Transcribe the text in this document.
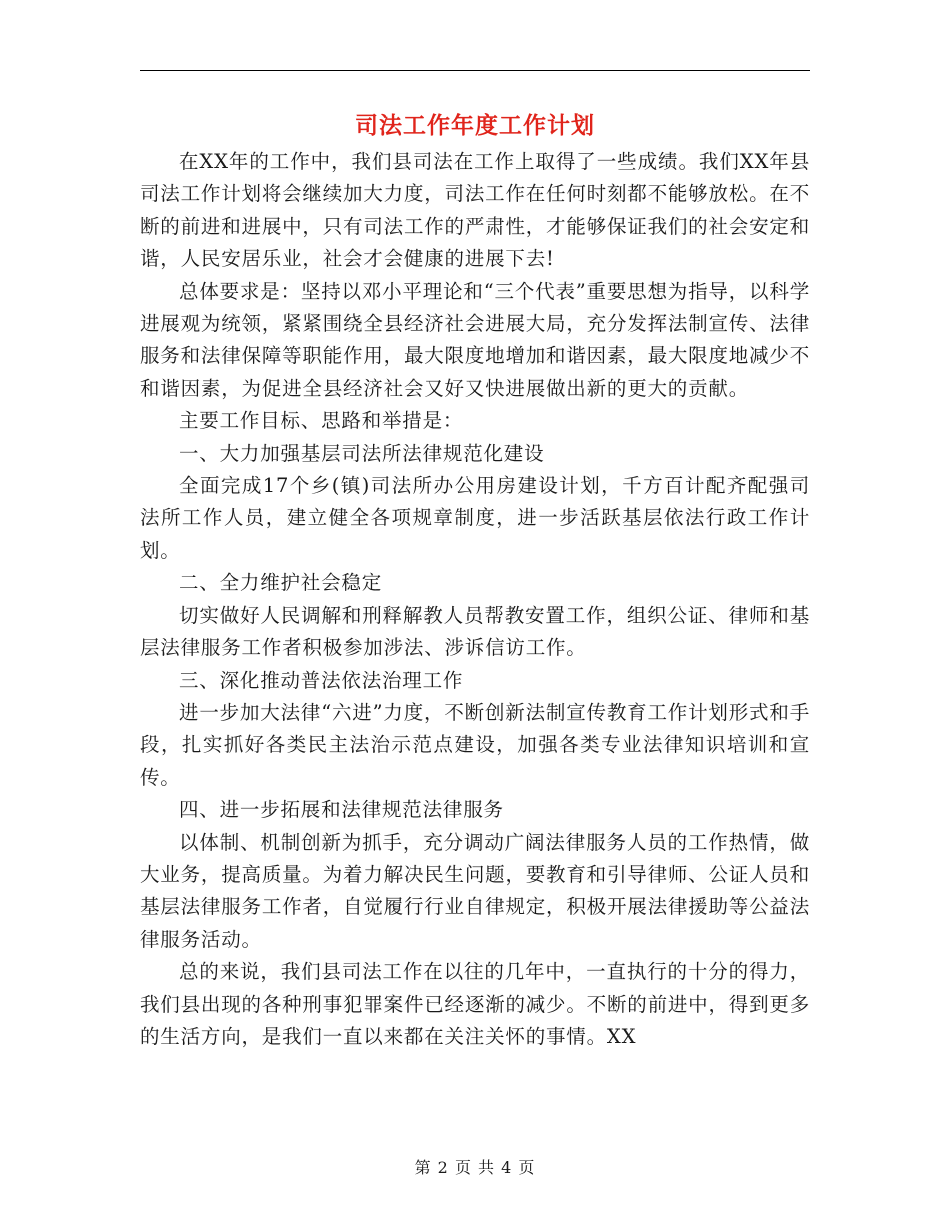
司法工作年度工作计划

在XX年的工作中，我们县司法在工作上取得了一些成绩。我们XX年县司法工作计划将会继续加大力度，司法工作在任何时刻都不能够放松。在不断的前进和进展中，只有司法工作的严肃性，才能够保证我们的社会安定和谐，人民安居乐业，社会才会健康的进展下去!

总体要求是：坚持以邓小平理论和“三个代表”重要思想为指导，以科学进展观为统领，紧紧围绕全县经济社会进展大局，充分发挥法制宣传、法律服务和法律保障等职能作用，最大限度地增加和谐因素，最大限度地减少不和谐因素，为促进全县经济社会又好又快进展做出新的更大的贡献。

主要工作目标、思路和举措是：

一、大力加强基层司法所法律规范化建设

全面完成17个乡(镇)司法所办公用房建设计划，千方百计配齐配强司法所工作人员，建立健全各项规章制度，进一步活跃基层依法行政工作计划。

二、全力维护社会稳定

切实做好人民调解和刑释解教人员帮教安置工作，组织公证、律师和基层法律服务工作者积极参加涉法、涉诉信访工作。

三、深化推动普法依法治理工作

进一步加大法律“六进”力度，不断创新法制宣传教育工作计划形式和手段，扎实抓好各类民主法治示范点建设，加强各类专业法律知识培训和宣传。

四、进一步拓展和法律规范法律服务

以体制、机制创新为抓手，充分调动广阔法律服务人员的工作热情，做大业务，提高质量。为着力解决民生问题，要教育和引导律师、公证人员和基层法律服务工作者，自觉履行行业自律规定，积极开展法律援助等公益法律服务活动。

总的来说，我们县司法工作在以往的几年中，一直执行的十分的得力，我们县出现的各种刑事犯罪案件已经逐渐的减少。不断的前进中，得到更多的生活方向，是我们一直以来都在关注关怀的事情。XX

第 2 页 共 4 页
